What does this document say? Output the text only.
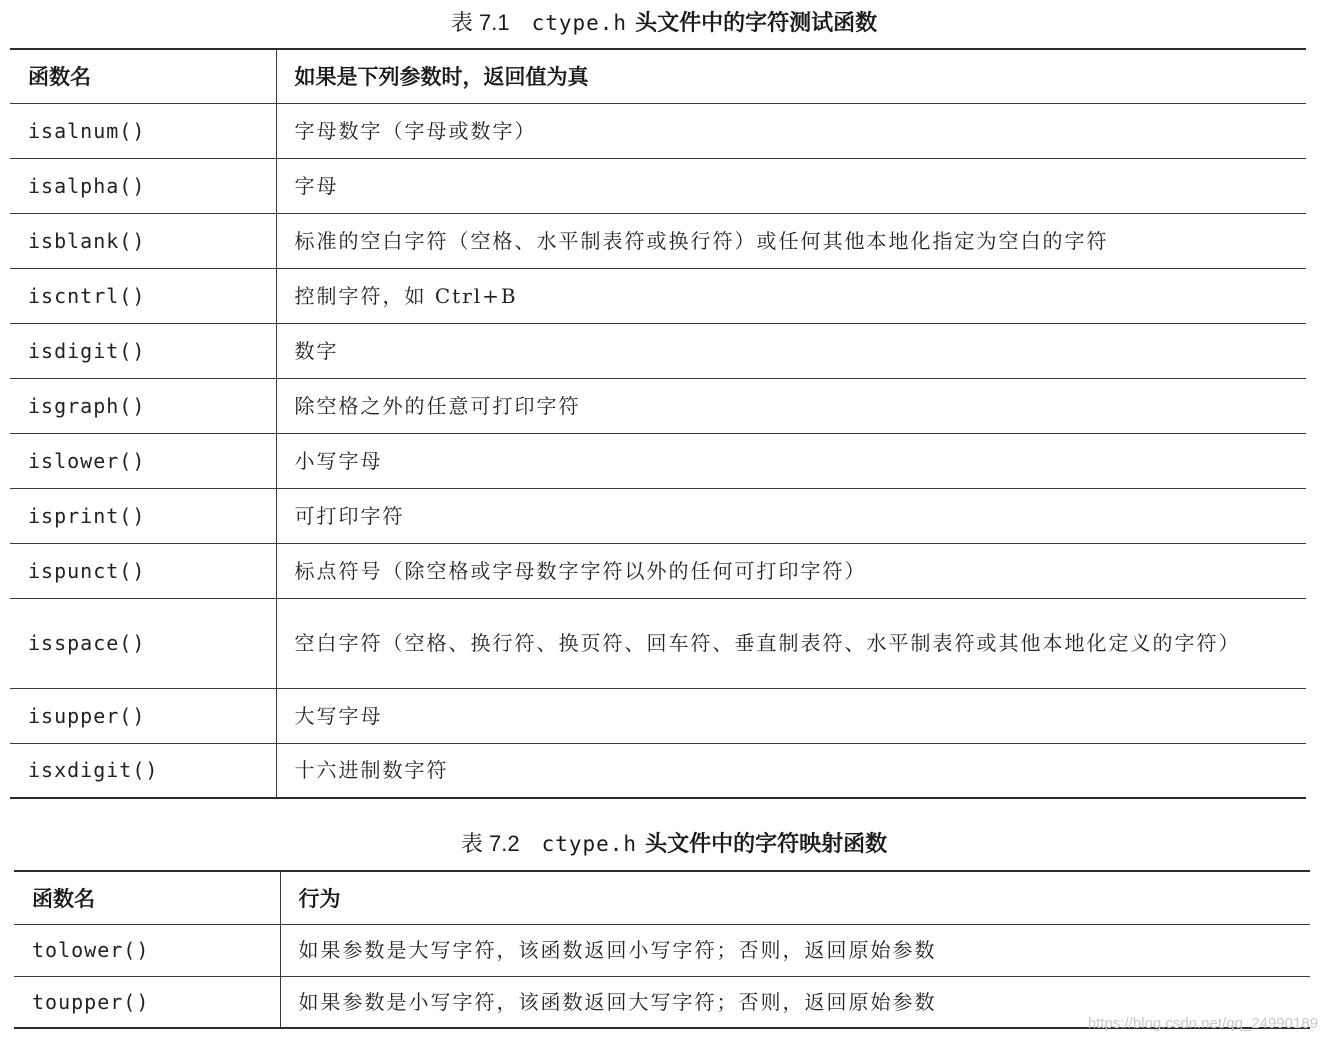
表 7.1 ctype.h 头文件中的字符测试函数
函数名	如果是下列参数时，返回值为真
isalnum()	字母数字（字母或数字）
isalpha()	字母
isblank()	标准的空白字符（空格、水平制表符或换行符）或任何其他本地化指定为空白的字符
iscntrl()	控制字符，如 Ctrl+B
isdigit()	数字
isgraph()	除空格之外的任意可打印字符
islower()	小写字母
isprint()	可打印字符
ispunct()	标点符号（除空格或字母数字字符以外的任何可打印字符）
isspace()	空白字符（空格、换行符、换页符、回车符、垂直制表符、水平制表符或其他本地化定义的字符）
isupper()	大写字母
isxdigit()	十六进制数字符
表 7.2 ctype.h 头文件中的字符映射函数
函数名	行为
tolower()	如果参数是大写字符，该函数返回小写字符；否则，返回原始参数
toupper()	如果参数是小写字符，该函数返回大写字符；否则，返回原始参数
https://blog.csdn.net/qq_24990189
